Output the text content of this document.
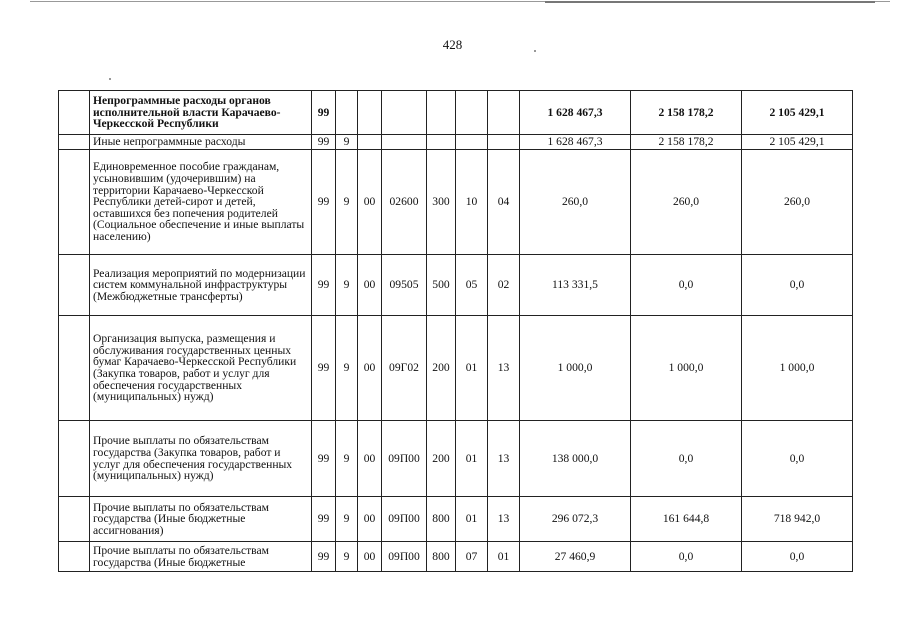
428
	Непрограммные расходы органов исполнительной власти Карачаево-Черкесской Республики	99							1 628 467,3	2 158 178,2	2 105 429,1
	Иные непрограммные расходы	99	9						1 628 467,3	2 158 178,2	2 105 429,1
	Единовременное пособие гражданам, усыновившим (удочерившим) на территории Карачаево-Черкесской Республики детей-сирот и детей, оставшихся без попечения родителей (Социальное обеспечение и иные выплаты населению)	99	9	00	02600	300	10	04	260,0	260,0	260,0
	Реализация мероприятий по модернизации систем коммунальной инфраструктуры (Межбюджетные трансферты)	99	9	00	09505	500	05	02	113 331,5	0,0	0,0
	Организация выпуска, размещения и обслуживания государственных ценных бумаг Карачаево-Черкесской Республики (Закупка товаров, работ и услуг для обеспечения государственных (муниципальных) нужд)	99	9	00	09Г02	200	01	13	1 000,0	1 000,0	1 000,0
	Прочие выплаты по обязательствам государства (Закупка товаров, работ и услуг для обеспечения государственных (муниципальных) нужд)	99	9	00	09П00	200	01	13	138 000,0	0,0	0,0
	Прочие выплаты по обязательствам государства (Иные бюджетные ассигнования)	99	9	00	09П00	800	01	13	296 072,3	161 644,8	718 942,0
	Прочие выплаты по обязательствам государства (Иные бюджетные	99	9	00	09П00	800	07	01	27 460,9	0,0	0,0
